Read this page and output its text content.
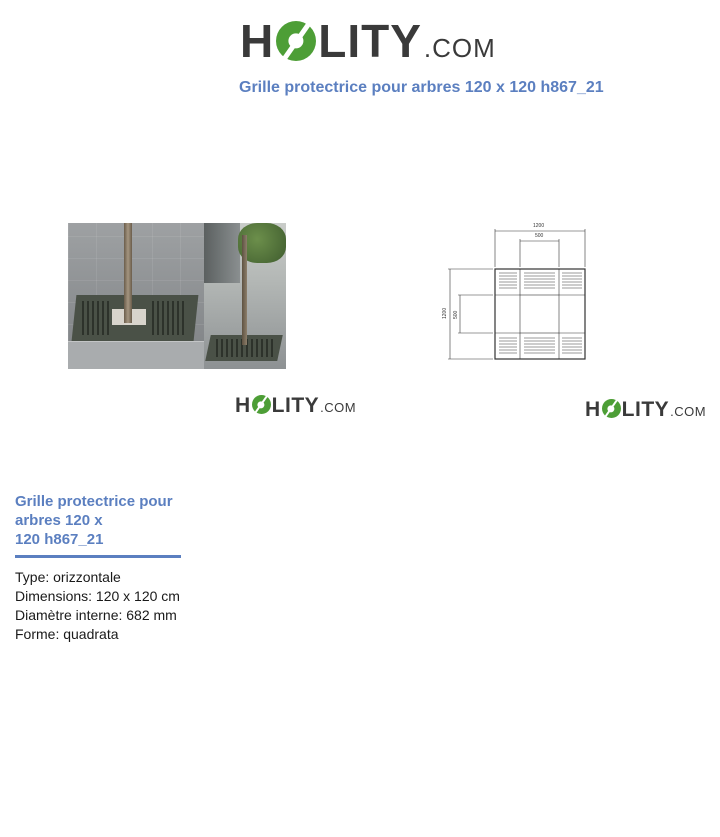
H LITY .COM
Grille protectrice pour arbres 120 x 120 h867_21
1200
500
1200 500
H LITY .COM	H LITY .COM
Grille protectrice pour
arbres 120 x
120 h867_21
Type: orizzontale
Dimensions: 120 x 120 cm
Diamètre interne: 682 mm
Forme: quadrata
